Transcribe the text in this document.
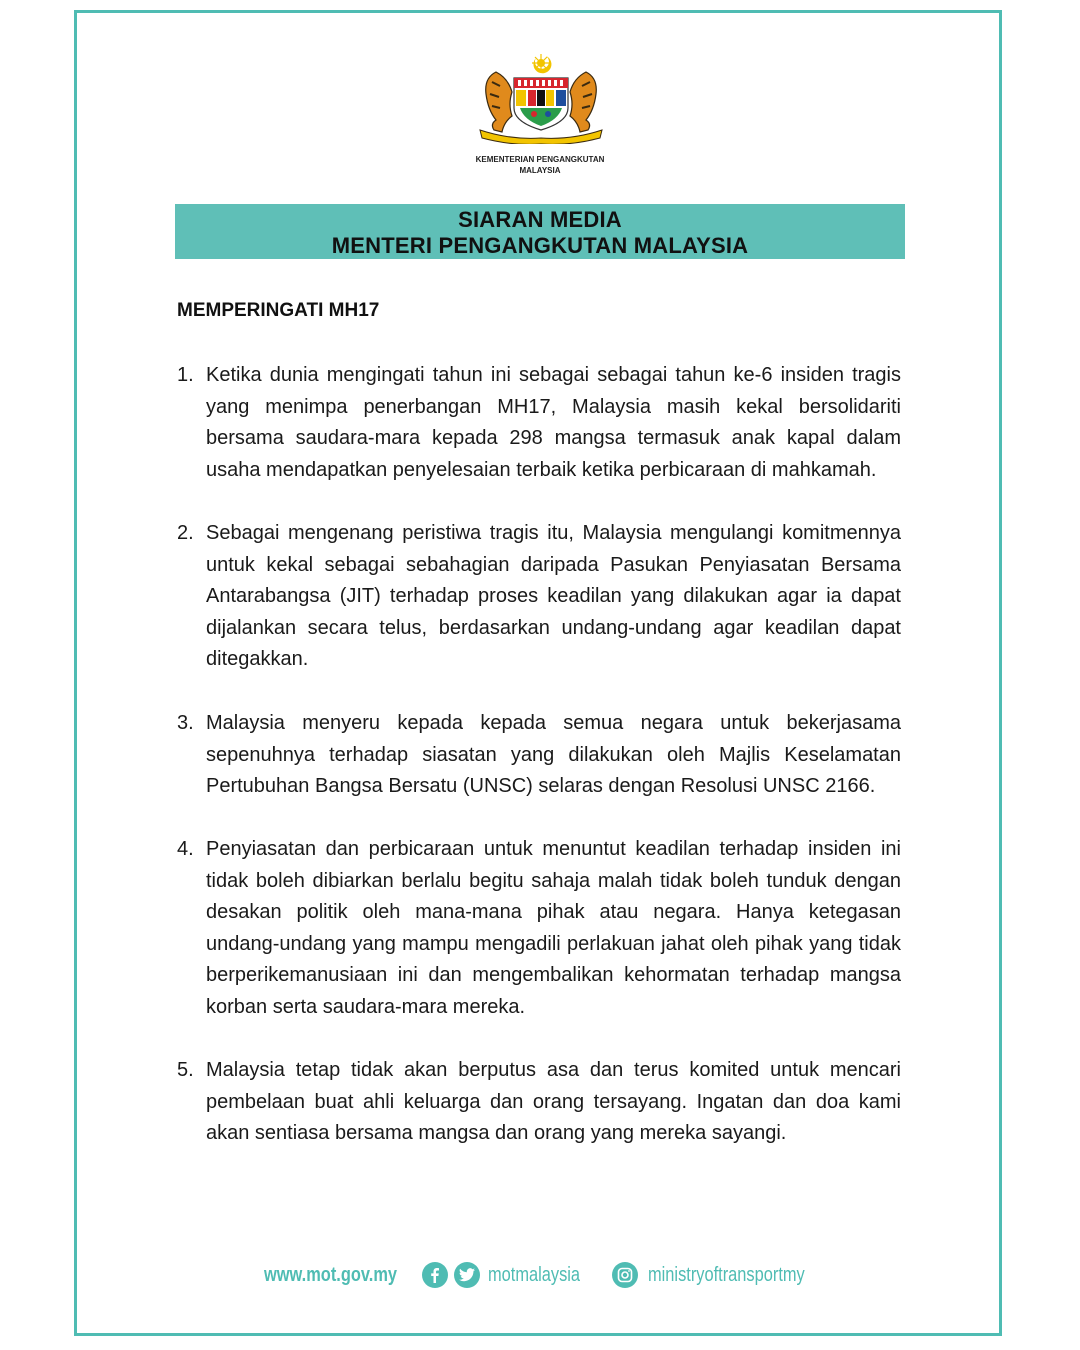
KEMENTERIAN PENGANGKUTAN
MALAYSIA
SIARAN MEDIA
MENTERI PENGANGKUTAN MALAYSIA
MEMPERINGATI MH17
1. Ketika dunia mengingati tahun ini sebagai sebagai tahun ke-6 insiden tragis yang menimpa penerbangan MH17, Malaysia masih kekal bersolidariti bersama saudara-mara kepada 298 mangsa termasuk anak kapal dalam usaha mendapatkan penyelesaian terbaik ketika perbicaraan di mahkamah.
2. Sebagai mengenang peristiwa tragis itu, Malaysia mengulangi komitmennya untuk kekal sebagai sebahagian daripada Pasukan Penyiasatan Bersama Antarabangsa (JIT) terhadap proses keadilan yang dilakukan agar ia dapat dijalankan secara telus, berdasarkan undang-undang agar keadilan dapat ditegakkan.
3. Malaysia menyeru kepada kepada semua negara untuk bekerjasama sepenuhnya terhadap siasatan yang dilakukan oleh Majlis Keselamatan Pertubuhan Bangsa Bersatu (UNSC) selaras dengan Resolusi UNSC 2166.
4. Penyiasatan dan perbicaraan untuk menuntut keadilan terhadap insiden ini tidak boleh dibiarkan berlalu begitu sahaja malah tidak boleh tunduk dengan desakan politik oleh mana-mana pihak atau negara. Hanya ketegasan undang-undang yang mampu mengadili perlakuan jahat oleh pihak yang tidak berperikemanusiaan ini dan mengembalikan kehormatan terhadap mangsa korban serta saudara-mara mereka.
5. Malaysia tetap tidak akan berputus asa dan terus komited untuk mencari pembelaan buat ahli keluarga dan orang tersayang. Ingatan dan doa kami akan sentiasa bersama mangsa dan orang yang mereka sayangi.
www.mot.gov.my	motmalaysia	ministryoftransportmy
